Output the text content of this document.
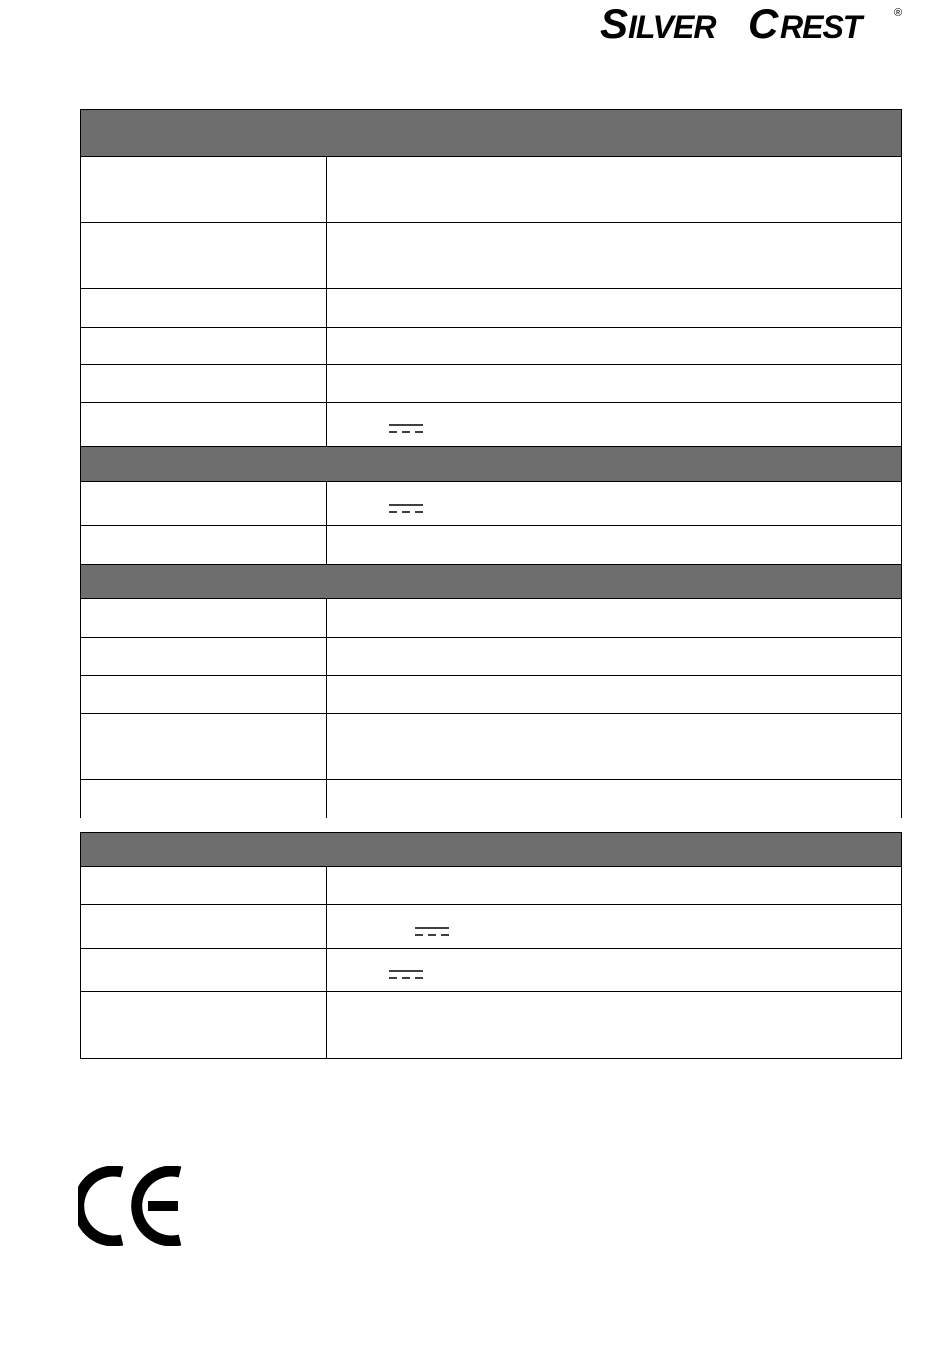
S ILVER C REST	®
